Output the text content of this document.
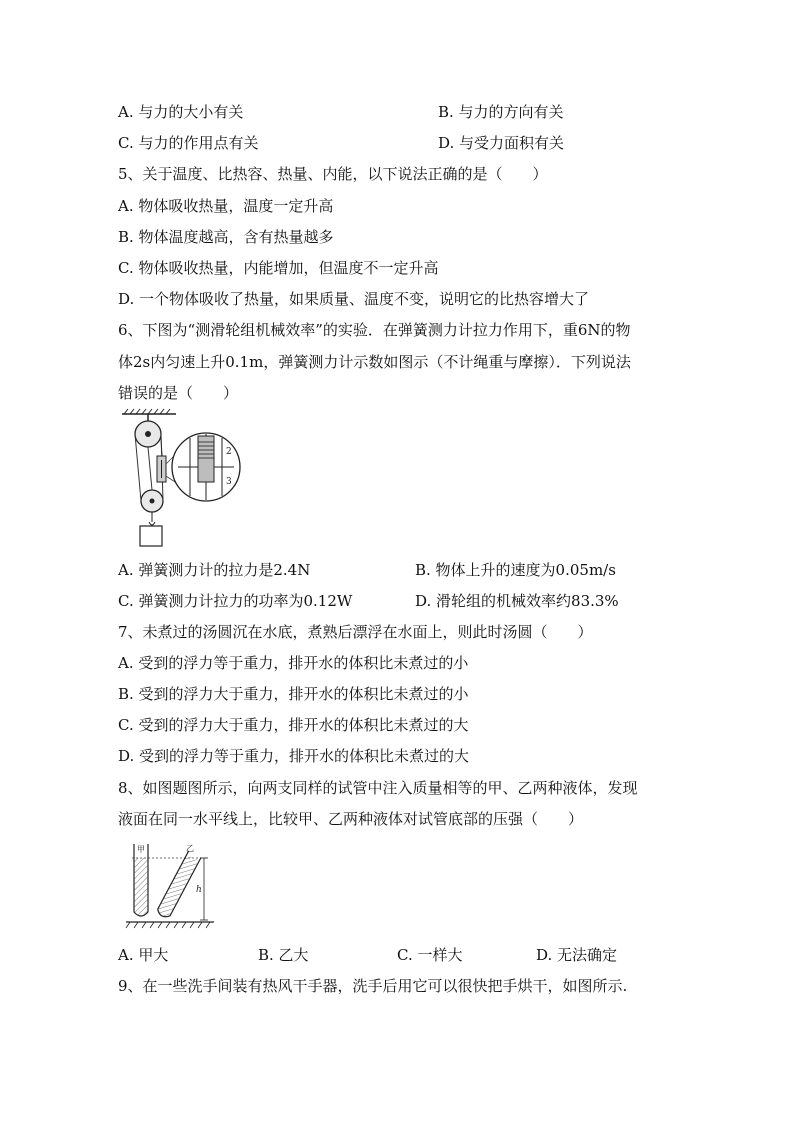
A. 与力的大小有关	B. 与力的方向有关
C. 与力的作用点有关	D. 与受力面积有关
5、关于温度、比热容、热量、内能，以下说法正确的是（　　）
A. 物体吸收热量，温度一定升高
B. 物体温度越高，含有热量越多
C. 物体吸收热量，内能增加，但温度不一定升高
D. 一个物体吸收了热量，如果质量、温度不变，说明它的比热容增大了
6、下图为“测滑轮组机械效率”的实验．在弹簧测力计拉力作用下，重6N的物
体2s内匀速上升0.1m，弹簧测力计示数如图示（不计绳重与摩擦）．下列说法
错误的是（　　）
2
3
A. 弹簧测力计的拉力是2.4N	B. 物体上升的速度为0.05m/s
C. 弹簧测力计拉力的功率为0.12W	D. 滑轮组的机械效率约83.3%
7、未煮过的汤圆沉在水底，煮熟后漂浮在水面上，则此时汤圆（　　）
A. 受到的浮力等于重力，排开水的体积比未煮过的小
B. 受到的浮力大于重力，排开水的体积比未煮过的小
C. 受到的浮力大于重力，排开水的体积比未煮过的大
D. 受到的浮力等于重力，排开水的体积比未煮过的大
8、如图题图所示，向两支同样的试管中注入质量相等的甲、乙两种液体，发现
液面在同一水平线上，比较甲、乙两种液体对试管底部的压强（　　）
甲	乙
h
A. 甲大	B. 乙大	C. 一样大	D. 无法确定
9、在一些洗手间装有热风干手器，洗手后用它可以很快把手烘干，如图所示.
